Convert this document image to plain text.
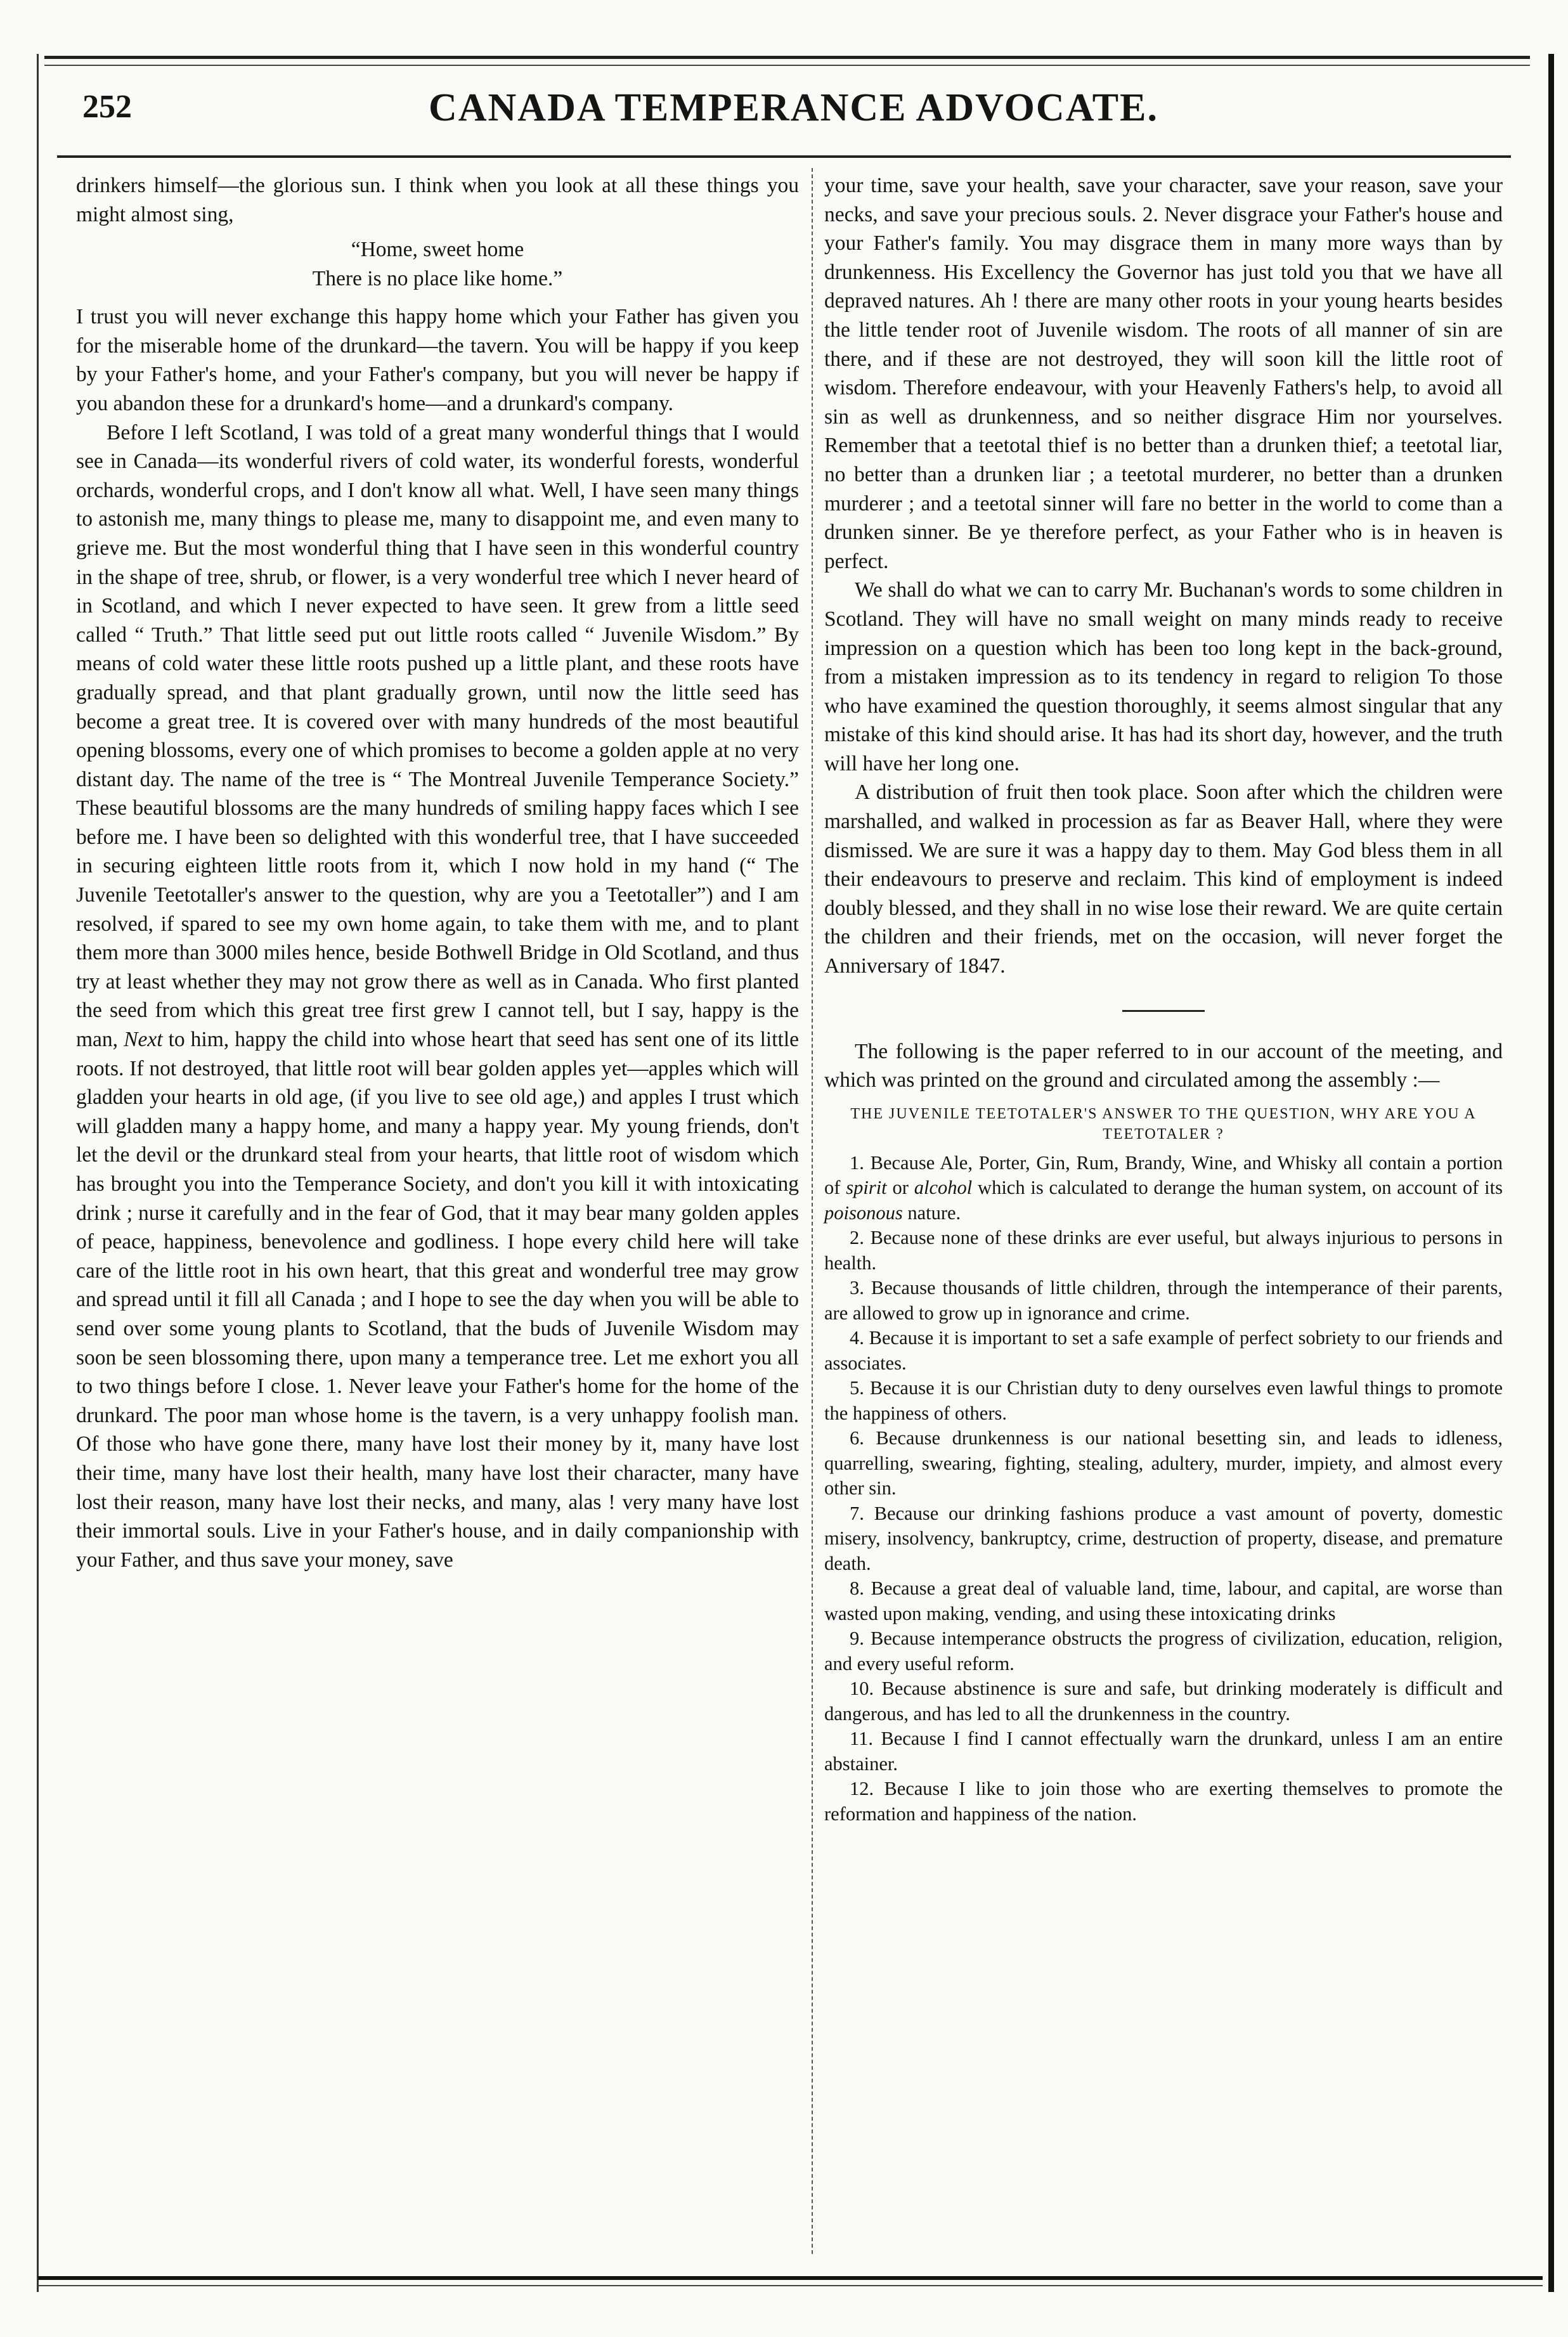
252	CANADA TEMPERANCE ADVOCATE.

drinkers himself—the glorious sun. I think when you look at all these things you might almost sing,

“Home, sweet home
There is no place like home.”

I trust you will never exchange this happy home which your Father has given you for the miserable home of the drunkard—the tavern. You will be happy if you keep by your Father's home, and your Father's company, but you will never be happy if you abandon these for a drunkard's home—and a drunkard's company.

Before I left Scotland, I was told of a great many wonderful things that I would see in Canada—its wonderful rivers of cold water, its wonderful forests, wonderful orchards, wonderful crops, and I don't know all what. Well, I have seen many things to astonish me, many things to please me, many to disappoint me, and even many to grieve me. But the most wonderful thing that I have seen in this wonderful country in the shape of tree, shrub, or flower, is a very wonderful tree which I never heard of in Scotland, and which I never expected to have seen. It grew from a little seed called “ Truth.” That little seed put out little roots called “ Juvenile Wisdom.” By means of cold water these little roots pushed up a little plant, and these roots have gradually spread, and that plant gradually grown, until now the little seed has become a great tree. It is covered over with many hundreds of the most beautiful opening blossoms, every one of which promises to become a golden apple at no very distant day. The name of the tree is “ The Montreal Juvenile Temperance Society.” These beautiful blossoms are the many hundreds of smiling happy faces which I see before me. I have been so delighted with this wonderful tree, that I have succeeded in securing eighteen little roots from it, which I now hold in my hand (“ The Juvenile Teetotaller's answer to the question, why are you a Teetotaller”) and I am resolved, if spared to see my own home again, to take them with me, and to plant them more than 3000 miles hence, beside Bothwell Bridge in Old Scotland, and thus try at least whether they may not grow there as well as in Canada. Who first planted the seed from which this great tree first grew I cannot tell, but I say, happy is the man, Next to him, happy the child into whose heart that seed has sent one of its little roots. If not destroyed, that little root will bear golden apples yet—apples which will gladden your hearts in old age, (if you live to see old age,) and apples I trust which will gladden many a happy home, and many a happy year. My young friends, don't let the devil or the drunkard steal from your hearts, that little root of wisdom which has brought you into the Temperance Society, and don't you kill it with intoxicating drink ; nurse it carefully and in the fear of God, that it may bear many golden apples of peace, happiness, benevolence and godliness. I hope every child here will take care of the little root in his own heart, that this great and wonderful tree may grow and spread until it fill all Canada ; and I hope to see the day when you will be able to send over some young plants to Scotland, that the buds of Juvenile Wisdom may soon be seen blossoming there, upon many a temperance tree. Let me exhort you all to two things before I close. 1. Never leave your Father's home for the home of the drunkard. The poor man whose home is the tavern, is a very unhappy foolish man. Of those who have gone there, many have lost their money by it, many have lost their time, many have lost their health, many have lost their character, many have lost their reason, many have lost their necks, and many, alas ! very many have lost their immortal souls. Live in your Father's house, and in daily companionship with your Father, and thus save your money, save

your time, save your health, save your character, save your reason, save your necks, and save your precious souls. 2. Never disgrace your Father's house and your Father's family. You may disgrace them in many more ways than by drunkenness. His Excellency the Governor has just told you that we have all depraved natures. Ah ! there are many other roots in your young hearts besides the little tender root of Juvenile wisdom. The roots of all manner of sin are there, and if these are not destroyed, they will soon kill the little root of wisdom. Therefore endeavour, with your Heavenly Fathers's help, to avoid all sin as well as drunkenness, and so neither disgrace Him nor yourselves. Remember that a teetotal thief is no better than a drunken thief; a teetotal liar, no better than a drunken liar ; a teetotal murderer, no better than a drunken murderer ; and a teetotal sinner will fare no better in the world to come than a drunken sinner. Be ye therefore perfect, as your Father who is in heaven is perfect.

We shall do what we can to carry Mr. Buchanan's words to some children in Scotland. They will have no small weight on many minds ready to receive impression on a question which has been too long kept in the back-ground, from a mistaken impression as to its tendency in regard to religion To those who have examined the question thoroughly, it seems almost singular that any mistake of this kind should arise. It has had its short day, however, and the truth will have her long one.

A distribution of fruit then took place. Soon after which the children were marshalled, and walked in procession as far as Beaver Hall, where they were dismissed. We are sure it was a happy day to them. May God bless them in all their endeavours to preserve and reclaim. This kind of employment is indeed doubly blessed, and they shall in no wise lose their reward. We are quite certain the children and their friends, met on the occasion, will never forget the Anniversary of 1847.

The following is the paper referred to in our account of the meeting, and which was printed on the ground and circulated among the assembly :—

THE JUVENILE TEETOTALER'S ANSWER TO THE QUESTION, WHY ARE YOU A TEETOTALER ?

1. Because Ale, Porter, Gin, Rum, Brandy, Wine, and Whisky all contain a portion of spirit or alcohol which is calculated to derange the human system, on account of its poisonous nature.

2. Because none of these drinks are ever useful, but always injurious to persons in health.

3. Because thousands of little children, through the intemperance of their parents, are allowed to grow up in ignorance and crime.

4. Because it is important to set a safe example of perfect sobriety to our friends and associates.

5. Because it is our Christian duty to deny ourselves even lawful things to promote the happiness of others.

6. Because drunkenness is our national besetting sin, and leads to idleness, quarrelling, swearing, fighting, stealing, adultery, murder, impiety, and almost every other sin.

7. Because our drinking fashions produce a vast amount of poverty, domestic misery, insolvency, bankruptcy, crime, destruction of property, disease, and premature death.

8. Because a great deal of valuable land, time, labour, and capital, are worse than wasted upon making, vending, and using these intoxicating drinks

9. Because intemperance obstructs the progress of civilization, education, religion, and every useful reform.

10. Because abstinence is sure and safe, but drinking moderately is difficult and dangerous, and has led to all the drunkenness in the country.

11. Because I find I cannot effectually warn the drunkard, unless I am an entire abstainer.

12. Because I like to join those who are exerting themselves to promote the reformation and happiness of the nation.
